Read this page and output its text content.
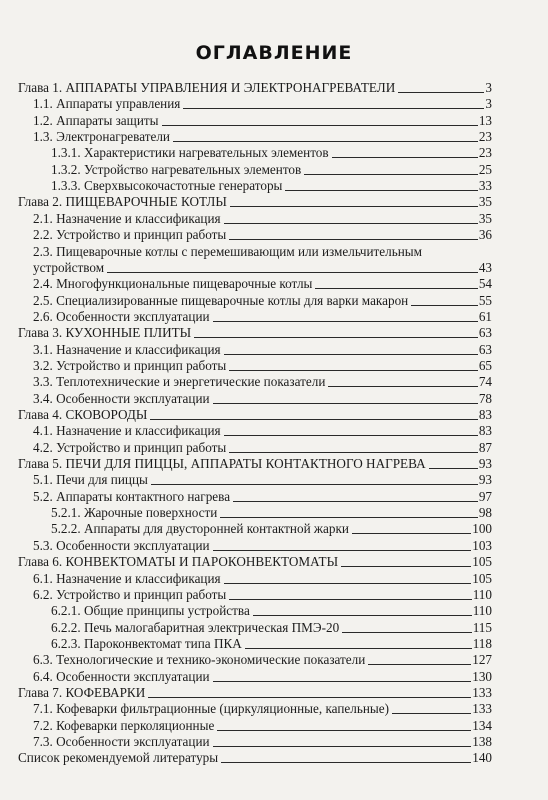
ОГЛАВЛЕНИЕ
Глава 1. АППАРАТЫ УПРАВЛЕНИЯ И ЭЛЕКТРОНАГРЕВАТЕЛИ	3
1.1. Аппараты управления	3
1.2. Аппараты защиты	13
1.3. Электронагреватели	23
1.3.1. Характеристики нагревательных элементов	23
1.3.2. Устройство нагревательных элементов	25
1.3.3. Сверхвысокочастотные генераторы	33
Глава 2. ПИЩЕВАРОЧНЫЕ КОТЛЫ	35
2.1. Назначение и классификация	35
2.2. Устройство и принцип работы	36
2.3. Пищеварочные котлы с перемешивающим или измельчительным
устройством	43
2.4. Многофункциональные пищеварочные котлы	54
2.5. Специализированные пищеварочные котлы для варки макарон	55
2.6. Особенности эксплуатации	61
Глава 3. КУХОННЫЕ ПЛИТЫ	63
3.1. Назначение и классификация	63
3.2. Устройство и принцип работы	65
3.3. Теплотехнические и энергетические показатели	74
3.4. Особенности эксплуатации	78
Глава 4. СКОВОРОДЫ	83
4.1. Назначение и классификация	83
4.2. Устройство и принцип работы	87
Глава 5. ПЕЧИ ДЛЯ ПИЦЦЫ, АППАРАТЫ КОНТАКТНОГО НАГРЕВА	93
5.1. Печи для пиццы	93
5.2. Аппараты контактного нагрева	97
5.2.1. Жарочные поверхности	98
5.2.2. Аппараты для двусторонней контактной жарки	100
5.3. Особенности эксплуатации	103
Глава 6. КОНВЕКТОМАТЫ И ПАРОКОНВЕКТОМАТЫ	105
6.1. Назначение и классификация	105
6.2. Устройство и принцип работы	110
6.2.1. Общие принципы устройства	110
6.2.2. Печь малогабаритная электрическая ПМЭ-20	115
6.2.3. Пароконвектомат типа ПКА	118
6.3. Технологические и технико-экономические показатели	127
6.4. Особенности эксплуатации	130
Глава 7. КОФЕВАРКИ	133
7.1. Кофеварки фильтрационные (циркуляционные, капельные)	133
7.2. Кофеварки перколяционные	134
7.3. Особенности эксплуатации	138
Список рекомендуемой литературы	140
